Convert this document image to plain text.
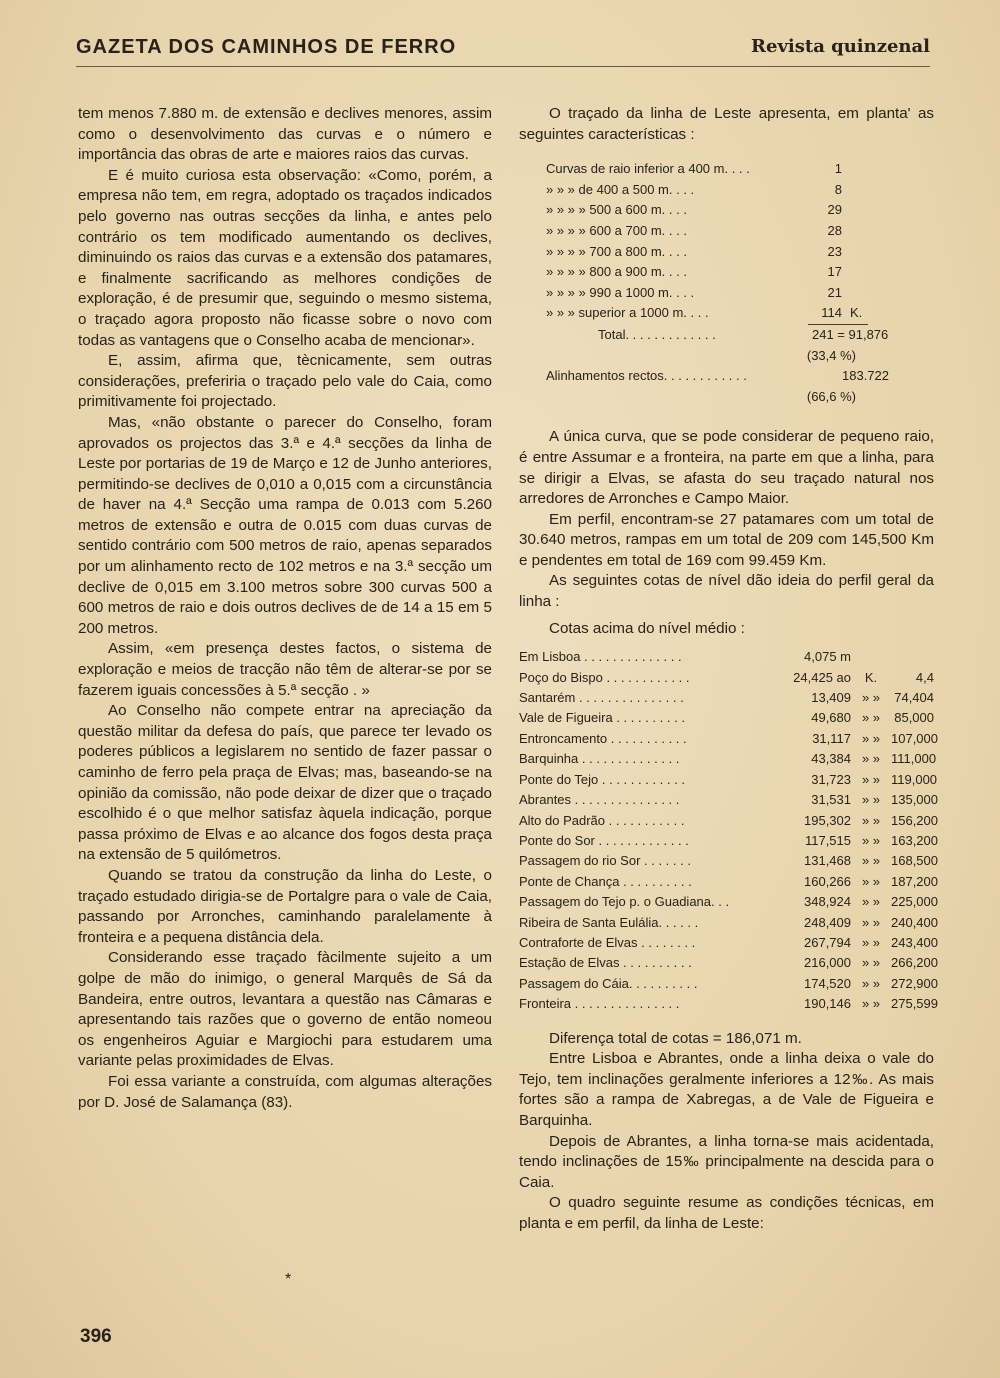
GAZETA DOS CAMINHOS DE FERRO	Revista quinzenal

tem menos 7.880 m. de extensão e declives menores, assim como o desenvolvimento das curvas e o número e importância das obras de arte e maiores raios das curvas.

E é muito curiosa esta observação: «Como, porém, a empresa não tem, em regra, adoptado os traçados indicados pelo governo nas outras secções da linha, e antes pelo contrário os tem modificado aumentando os declives, diminuindo os raios das curvas e a extensão dos patamares, e finalmente sacrificando as melhores condições de exploração, é de presumir que, seguindo o mesmo sistema, o traçado agora proposto não ficasse sobre o novo com todas as vantagens que o Conselho acaba de mencionar».

E, assim, afirma que, tècnicamente, sem outras considerações, preferiria o traçado pelo vale do Caia, como primitivamente foi projectado.

Mas, «não obstante o parecer do Conselho, foram aprovados os projectos das 3.ª e 4.ª secções da linha de Leste por portarias de 19 de Março e 12 de Junho anteriores, permitindo-se declives de 0,010 a 0,015 com a circunstância de haver na 4.ª Secção uma rampa de 0.013 com 5.260 metros de extensão e outra de 0.015 com duas curvas de sentido contrário com 500 metros de raio, apenas separados por um alinhamento recto de 102 metros e na 3.ª secção um declive de 0,015 em 3.100 metros sobre 300 curvas 500 a 600 metros de raio e dois outros declives de de 14 a 15 em 5 200 metros.

Assim, «em presença destes factos, o sistema de exploração e meios de tracção não têm de alterar-se por se fazerem iguais concessões à 5.ª secção . »

Ao Conselho não compete entrar na apreciação da questão militar da defesa do país, que parece ter levado os poderes públicos a legislarem no sentido de fazer passar o caminho de ferro pela praça de Elvas; mas, baseando-se na opinião da comissão, não pode deixar de dizer que o traçado escolhido é o que melhor satisfaz àquela indicação, porque passa próximo de Elvas e ao alcance dos fogos desta praça na extensão de 5 quilómetros.

Quando se tratou da construção da linha do Leste, o traçado estudado dirigia-se de Portalgre para o vale de Caia, passando por Arronches, caminhando paralelamente à fronteira e a pequena distância dela.

Considerando esse traçado fàcilmente sujeito a um golpe de mão do inimigo, o general Marquês de Sá da Bandeira, entre outros, levantara a questão nas Câmaras e apresentando tais razões que o governo de então nomeou os engenheiros Aguiar e Margiochi para estudarem uma variante pelas proximidades de Elvas.

Foi essa variante a construída, com algumas alterações por D. José de Salamança (83).

O traçado da linha de Leste apresenta, em planta' as seguintes características :

Curvas de raio inferior a 400 m. . . .	1
» » » de 400 a 500 m. . . .	8
» » » » 500 a 600 m. . . .	29
» » » » 600 a 700 m. . . .	28
» » » » 700 a 800 m. . . .	23
» » » » 800 a 900 m. . . .	17
» » » » 990 a 1000 m. . . .	21
» » » superior a 1000 m. . . .	114 K.
Total. . . . . . . . . . . . .	241 = 91,876
(33,4 %)
Alinhamentos rectos. . . . . . . . . . . .	183.722
(66,6 %)

A única curva, que se pode considerar de pequeno raio, é entre Assumar e a fronteira, na parte em que a linha, para se dirigir a Elvas, se afasta do seu traçado natural nos arredores de Arronches e Campo Maior.

Em perfil, encontram-se 27 patamares com um total de 30.640 metros, rampas em um total de 209 com 145,500 Km e pendentes em total de 169 com 99.459 Km.

As seguintes cotas de nível dão ideia do perfil geral da linha :

Cotas acima do nível médio :

Em Lisboa . . . . . . . . . . . . . .	4,075 m
Poço do Bispo . . . . . . . . . . . .	24,425 ao	K.	4,4
Santarém . . . . . . . . . . . . . . .	13,409 » »	74,404
Vale de Figueira . . . . . . . . . .	49,680 » »	85,000
Entroncamento . . . . . . . . . . .	31,117 » » 107,000
Barquinha . . . . . . . . . . . . . .	43,384 » » 111,000
Ponte do Tejo . . . . . . . . . . . .	31,723 » » 119,000
Abrantes . . . . . . . . . . . . . . .	31,531 » » 135,000
Alto do Padrão . . . . . . . . . . .	195,302 » » 156,200
Ponte do Sor . . . . . . . . . . . . .	117,515 » » 163,200
Passagem do rio Sor . . . . . . .	131,468 » » 168,500
Ponte de Chança . . . . . . . . . .	160,266 » » 187,200
Passagem do Tejo p. o Guadiana. . .	348,924 » » 225,000
Ribeira de Santa Eulália. . . . . .	248,409 » » 240,400
Contraforte de Elvas . . . . . . . .	267,794 » » 243,400
Estação de Elvas . . . . . . . . . .	216,000 » » 266,200
Passagem do Cáia. . . . . . . . . .	174,520 » » 272,900
Fronteira . . . . . . . . . . . . . . .	190,146 » » 275,599

Diferença total de cotas = 186,071 m.

Entre Lisboa e Abrantes, onde a linha deixa o vale do Tejo, tem inclinações geralmente inferiores a 12‰. As mais fortes são a rampa de Xabregas, a de Vale de Figueira e Barquinha.

Depois de Abrantes, a linha torna-se mais acidentada, tendo inclinações de 15‰ principalmente na descida para o Caia.

O quadro seguinte resume as condições técnicas, em planta e em perfil, da linha de Leste:

*
396
